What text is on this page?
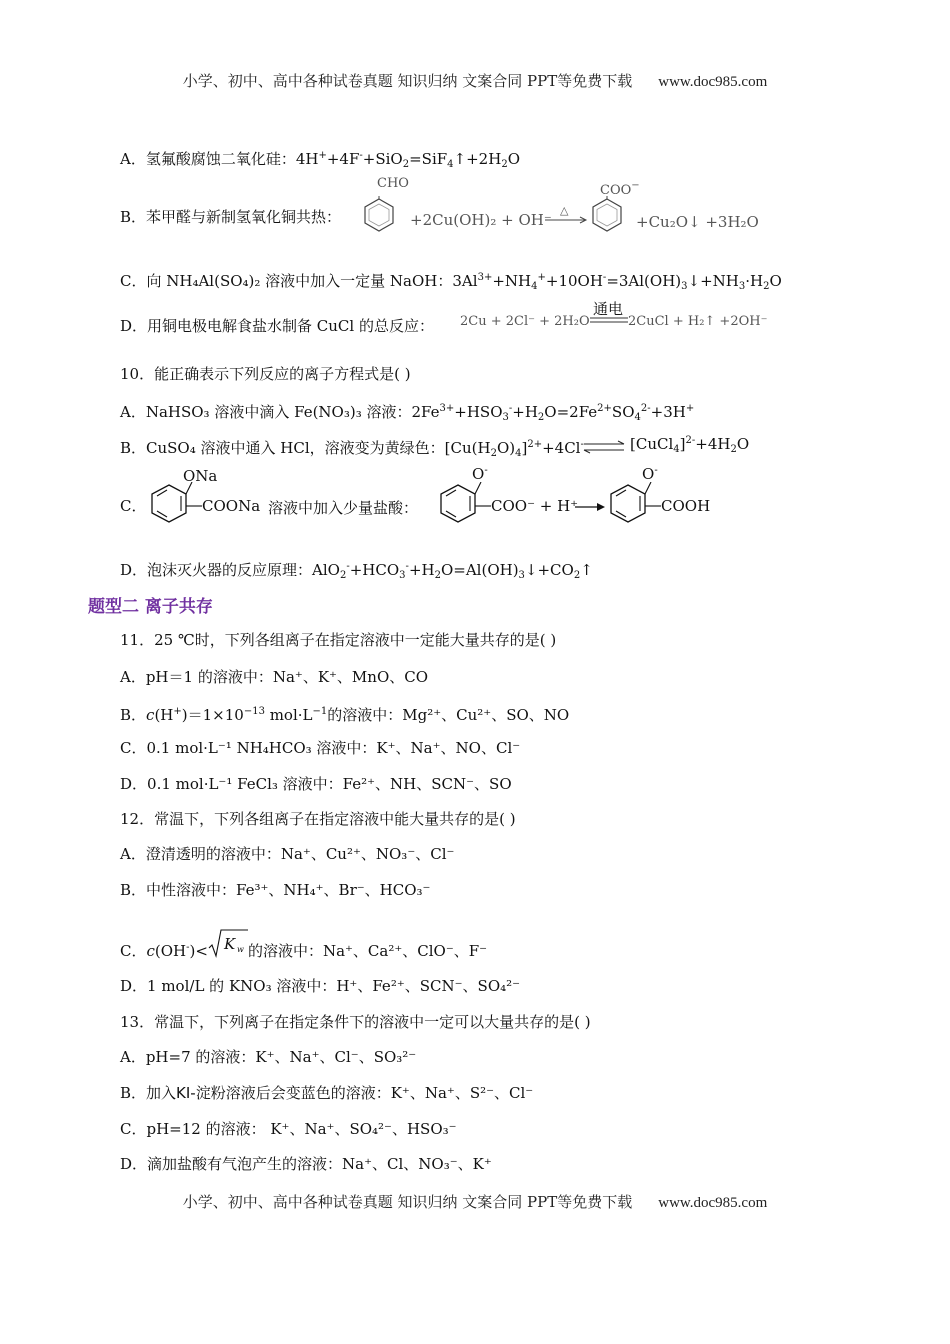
小学、初中、高中各种试卷真题 知识归纳 文案合同 PPT等免费下载 www.doc985.com
A．氢氟酸腐蚀二氧化硅：$4H^++4F^-+SiO_2=SiF_4↑+2H_2O$
B．苯甲醛与新制氢氧化铜共热：
CHO
+2Cu(OH)₂ + OH⁻
△
COO−
+Cu₂O↓ +3H₂O
C．向 NH₄Al(SO₄)₂ 溶液中加入一定量 NaOH：$3Al^{3+}+NH_4^++10OH^-=3Al(OH)_3↓+NH_3\cdot H_2O$
D．用铜电极电解食盐水制备 CuCl 的总反应： 2Cu + 2Cl⁻ + 2H₂O
通电
2CuCl + H₂↑ +2OH⁻
10．能正确表示下列反应的离子方程式是( )
A．NaHSO₃ 溶液中滴入 Fe(NO₃)₃ 溶液：$2Fe^{3+}+HSO_3^-+H_2O=2Fe^{2+}SO_4^{2-}+3H^+$
B．CuSO₄ 溶液中通入 HCl，溶液变为黄绿色：$[Cu(H_2O)_4]^{2+}+4Cl^-$ ⇌ $[CuCl_4]^{2-}+4H_2O$
C．
ONa
COONa 溶液中加入少量盐酸：
O-
COO⁻ + H⁺
O-
COOH
D．泡沫灭火器的反应原理：$AlO_2^-+HCO_3^-+H_2O=Al(OH)_3↓+CO_2↑$
题型二 离子共存
11．25 ℃时，下列各组离子在指定溶液中一定能大量共存的是( )
A．pH＝1 的溶液中：Na⁺、K⁺、MnO、CO
B．$c(H^+)=1\times 10^{-13}$ $mol\cdot L^{-1}$的溶液中：Mg²⁺、Cu²⁺、SO、NO
C．0.1 mol·L⁻¹ NH₄HCO₃ 溶液中：K⁺、Na⁺、NO、Cl⁻
D．0.1 mol·L⁻¹ FeCl₃ 溶液中：Fe²⁺、NH、SCN⁻、SO
12．常温下，下列各组离子在指定溶液中能大量共存的是( )
A．澄清透明的溶液中：Na⁺、Cu²⁺、NO₃⁻、Cl⁻
B．中性溶液中：Fe³⁺、NH₄⁺、Br⁻、HCO₃⁻
C．c(OH-)< K w 的溶液中：Na⁺、Ca²⁺、ClO⁻、F⁻
D．1 mol/L 的 KNO₃ 溶液中：H⁺、Fe²⁺、SCN⁻、SO₄²⁻
13．常温下，下列离子在指定条件下的溶液中一定可以大量共存的是( )
A．pH=7 的溶液：K⁺、Na⁺、Cl⁻、SO₃²⁻
B．加入KI-淀粉溶液后会变蓝色的溶液：K⁺、Na⁺、S²⁻、Cl⁻
C．pH=12 的溶液： K⁺、Na⁺、SO₄²⁻、HSO₃⁻
D．滴加盐酸有气泡产生的溶液：Na⁺、Cl、NO₃⁻、K⁺
小学、初中、高中各种试卷真题 知识归纳 文案合同 PPT等免费下载 www.doc985.com
